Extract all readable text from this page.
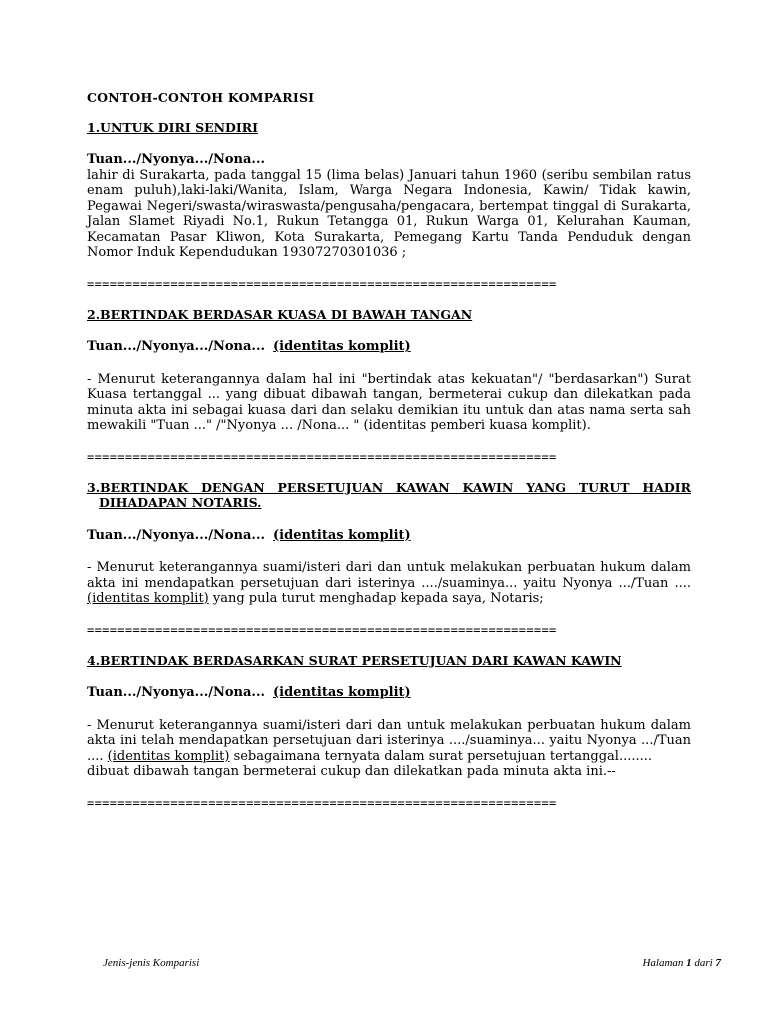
CONTOH-CONTOH KOMPARISI
1.UNTUK DIRI SENDIRI

Tuan.../Nyonya.../Nona...

lahir di Surakarta, pada tanggal 15 (lima belas) Januari tahun 1960 (seribu sembilan ratus enam puluh),laki-laki/Wanita, Islam, Warga Negara Indonesia, Kawin/ Tidak kawin, Pegawai Negeri/swasta/wiraswasta/pengusaha/pengacara, bertempat tinggal di Surakarta, Jalan Slamet Riyadi No.1, Rukun Tetangga 01, Rukun Warga 01, Kelurahan Kauman, Kecamatan Pasar Kliwon, Kota Surakarta, Pemegang Kartu Tanda Penduduk dengan Nomor Induk Kependudukan 19307270301036 ;

==============================================================
2.BERTINDAK BERDASAR KUASA DI BAWAH TANGAN

Tuan.../Nyonya.../Nona... (identitas komplit)

- Menurut keterangannya dalam hal ini "bertindak atas kekuatan"/ "berdasarkan") Surat Kuasa tertanggal ... yang dibuat dibawah tangan, bermeterai cukup dan dilekatkan pada minuta akta ini sebagai kuasa dari dan selaku demikian itu untuk dan atas nama serta sah mewakili "Tuan ..." /"Nyonya ... /Nona... " (identitas pemberi kuasa komplit).

==============================================================
3.BERTINDAK DENGAN PERSETUJUAN KAWAN KAWIN YANG TURUT HADIR DIHADAPAN NOTARIS.

Tuan.../Nyonya.../Nona... (identitas komplit)

- Menurut keterangannya suami/isteri dari dan untuk melakukan perbuatan hukum dalam akta ini mendapatkan persetujuan dari isterinya ..../suaminya... yaitu Nyonya .../Tuan .... (identitas komplit) yang pula turut menghadap kepada saya, Notaris;

==============================================================
4.BERTINDAK BERDASARKAN SURAT PERSETUJUAN DARI KAWAN KAWIN

Tuan.../Nyonya.../Nona... (identitas komplit)

- Menurut keterangannya suami/isteri dari dan untuk melakukan perbuatan hukum dalam akta ini telah mendapatkan persetujuan dari isterinya ..../suaminya... yaitu Nyonya .../Tuan .... (identitas komplit) sebagaimana ternyata dalam surat persetujuan tertanggal........

dibuat dibawah tangan bermeterai cukup dan dilekatkan pada minuta akta ini.--

==============================================================
Jenis-jenis Komparisi	Halaman 1 dari 7
